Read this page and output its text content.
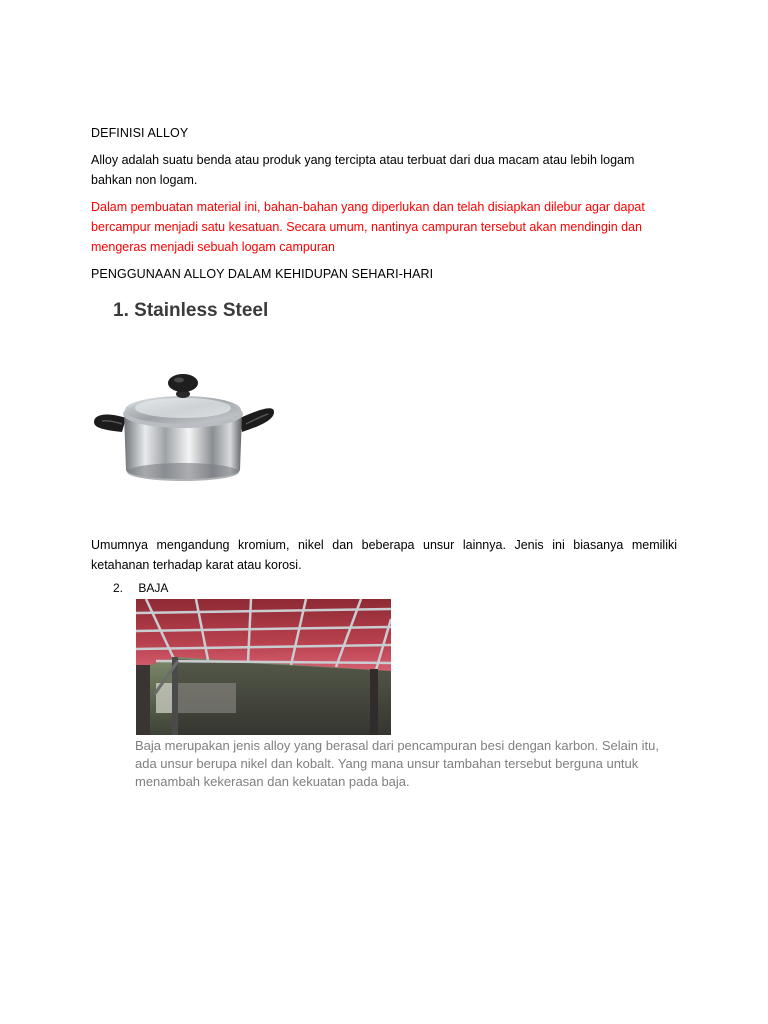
DEFINISI ALLOY

Alloy adalah suatu benda atau produk yang tercipta atau terbuat dari dua macam atau lebih logam bahkan non logam.

Dalam pembuatan material ini, bahan-bahan yang diperlukan dan telah disiapkan dilebur agar dapat bercampur menjadi satu kesatuan. Secara umum, nantinya campuran tersebut akan mendingin dan mengeras menjadi sebuah logam campuran

PENGGUNAAN ALLOY DALAM KEHIDUPAN SEHARI-HARI

1. Stainless Steel

Umumnya mengandung kromium, nikel dan beberapa unsur lainnya. Jenis ini biasanya memiliki ketahanan terhadap karat atau korosi.

2. BAJA

Baja merupakan jenis alloy yang berasal dari pencampuran besi dengan karbon. Selain itu, ada unsur berupa nikel dan kobalt. Yang mana unsur tambahan tersebut berguna untuk menambah kekerasan dan kekuatan pada baja.
